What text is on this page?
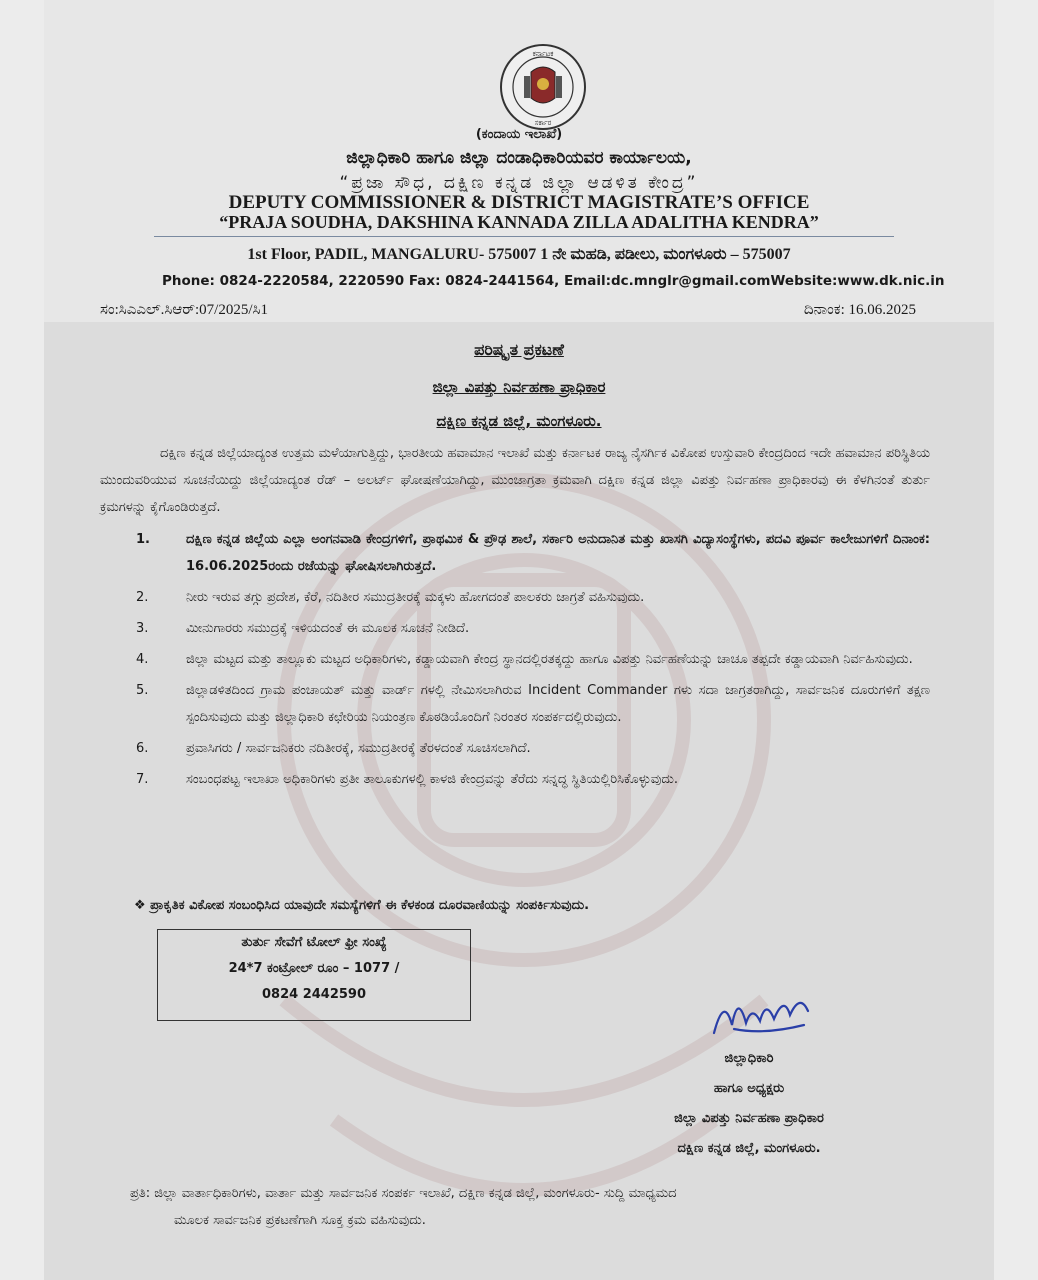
ಕರ್ನಾಟಕ
ಸರ್ಕಾರ
(ಕಂದಾಯ ಇಲಾಖೆ)
ಜಿಲ್ಲಾಧಿಕಾರಿ ಹಾಗೂ ಜಿಲ್ಲಾ ದಂಡಾಧಿಕಾರಿಯವರ ಕಾರ್ಯಾಲಯ,
“ಪ್ರಜಾ ಸೌಧ, ದಕ್ಷಿಣ ಕನ್ನಡ ಜಿಲ್ಲಾ ಆಡಳಿತ ಕೇಂದ್ರ”
DEPUTY COMMISSIONER & DISTRICT MAGISTRATE’S OFFICE
“PRAJA SOUDHA, DAKSHINA KANNADA ZILLA ADALITHA KENDRA”
1st Floor, PADIL, MANGALURU- 575007 1 ನೇ ಮಹಡಿ, ಪಡೀಲು, ಮಂಗಳೂರು – 575007
Phone: 0824-2220584, 2220590 Fax: 0824-2441564, Email:dc.mnglr@gmail.comWebsite:www.dk.nic.in
ಸಂ:ಸಿಎಎಲ್.ಸಿಆರ್:07/2025/ಸಿ1	ದಿನಾಂಕ: 16.06.2025
ಪರಿಷ್ಕೃತ ಪ್ರಕಟಣೆ
ಜಿಲ್ಲಾ ವಿಪತ್ತು ನಿರ್ವಹಣಾ ಪ್ರಾಧಿಕಾರ
ದಕ್ಷಿಣ ಕನ್ನಡ ಜಿಲ್ಲೆ, ಮಂಗಳೂರು.
ದಕ್ಷಿಣ ಕನ್ನಡ ಜಿಲ್ಲೆಯಾದ್ಯಂತ ಉತ್ತಮ ಮಳೆಯಾಗುತ್ತಿದ್ದು, ಭಾರತೀಯ ಹವಾಮಾನ ಇಲಾಖೆ ಮತ್ತು ಕರ್ನಾಟಕ ರಾಜ್ಯ ನೈಸರ್ಗಿಕ ವಿಕೋಪ ಉಸ್ತುವಾರಿ ಕೇಂದ್ರದಿಂದ ಇದೇ ಹವಾಮಾನ ಪರಿಸ್ಥಿತಿಯ ಮುಂದುವರಿಯುವ ಸೂಚನೆಯಿದ್ದು ಜಿಲ್ಲೆಯಾದ್ಯಂತ ರೆಡ್ – ಅಲರ್ಟ್ ಘೋಷಣೆಯಾಗಿದ್ದು, ಮುಂಜಾಗ್ರತಾ ಕ್ರಮವಾಗಿ ದಕ್ಷಿಣ ಕನ್ನಡ ಜಿಲ್ಲಾ ವಿಪತ್ತು ನಿರ್ವಹಣಾ ಪ್ರಾಧಿಕಾರವು ಈ ಕೆಳಗಿನಂತೆ ತುರ್ತು ಕ್ರಮಗಳನ್ನು ಕೈಗೊಂಡಿರುತ್ತದೆ.
1.	ದಕ್ಷಿಣ ಕನ್ನಡ ಜಿಲ್ಲೆಯ ಎಲ್ಲಾ ಅಂಗನವಾಡಿ ಕೇಂದ್ರಗಳಿಗೆ, ಪ್ರಾಥಮಿಕ & ಪ್ರೌಢ ಶಾಲೆ, ಸರ್ಕಾರಿ ಅನುದಾನಿತ ಮತ್ತು ಖಾಸಗಿ ವಿದ್ಯಾಸಂಸ್ಥೆಗಳು, ಪದವಿ ಪೂರ್ವ ಕಾಲೇಜುಗಳಿಗೆ ದಿನಾಂಕ: 16.06.2025ರಂದು ರಜೆಯನ್ನು ಘೋಷಿಸಲಾಗಿರುತ್ತದೆ.
2.	ನೀರು ಇರುವ ತಗ್ಗು ಪ್ರದೇಶ, ಕೆರೆ, ನದಿತೀರ ಸಮುದ್ರತೀರಕ್ಕೆ ಮಕ್ಕಳು ಹೋಗದಂತೆ ಪಾಲಕರು ಜಾಗ್ರತೆ ವಹಿಸುವುದು.
3.	ಮೀನುಗಾರರು ಸಮುದ್ರಕ್ಕೆ ಇಳಿಯದಂತೆ ಈ ಮೂಲಕ ಸೂಚನೆ ನೀಡಿದೆ.
4.	ಜಿಲ್ಲಾ ಮಟ್ಟದ ಮತ್ತು ತಾಲ್ಲೂಕು ಮಟ್ಟದ ಅಧಿಕಾರಿಗಳು, ಕಡ್ಡಾಯವಾಗಿ ಕೇಂದ್ರ ಸ್ಥಾನದಲ್ಲಿರತಕ್ಕದ್ದು ಹಾಗೂ ವಿಪತ್ತು ನಿರ್ವಹಣೆಯನ್ನು ಚಾಚೂ ತಪ್ಪದೇ ಕಡ್ಡಾಯವಾಗಿ ನಿರ್ವಹಿಸುವುದು.
5.	ಜಿಲ್ಲಾಡಳಿತದಿಂದ ಗ್ರಾಮ ಪಂಚಾಯತ್ ಮತ್ತು ವಾರ್ಡ್ ಗಳಲ್ಲಿ ನೇಮಿಸಲಾಗಿರುವ Incident Commander ಗಳು ಸದಾ ಜಾಗ್ರತರಾಗಿದ್ದು, ಸಾರ್ವಜನಿಕ ದೂರುಗಳಿಗೆ ತಕ್ಷಣ ಸ್ಪಂದಿಸುವುದು ಮತ್ತು ಜಿಲ್ಲಾಧಿಕಾರಿ ಕಛೇರಿಯ ನಿಯಂತ್ರಣ ಕೊಠಡಿಯೊಂದಿಗೆ ನಿರಂತರ ಸಂಪರ್ಕದಲ್ಲಿರುವುದು.
6.	ಪ್ರವಾಸಿಗರು / ಸಾರ್ವಜನಿಕರು ನದಿತೀರಕ್ಕೆ, ಸಮುದ್ರತೀರಕ್ಕೆ ತೆರಳದಂತೆ ಸೂಚಿಸಲಾಗಿದೆ.
7.	ಸಂಬಂಧಪಟ್ಟ ಇಲಾಖಾ ಅಧಿಕಾರಿಗಳು ಪ್ರತೀ ತಾಲೂಕುಗಳಲ್ಲಿ ಕಾಳಜಿ ಕೇಂದ್ರವನ್ನು ತೆರೆದು ಸನ್ನದ್ಧ ಸ್ಥಿತಿಯಲ್ಲಿರಿಸಿಕೊಳ್ಳುವುದು.
❖ ಪ್ರಾಕೃತಿಕ ವಿಕೋಪ ಸಂಬಂಧಿಸಿದ ಯಾವುದೇ ಸಮಸ್ಯೆಗಳಿಗೆ ಈ ಕೆಳಕಂಡ ದೂರವಾಣಿಯನ್ನು ಸಂಪರ್ಕಿಸುವುದು.
ತುರ್ತು ಸೇವೆಗೆ ಟೋಲ್ ಫ್ರೀ ಸಂಖ್ಯೆ
24*7 ಕಂಟ್ರೋಲ್ ರೂಂ – 1077 /
0824 2442590
ಜಿಲ್ಲಾಧಿಕಾರಿ
ಹಾಗೂ ಅಧ್ಯಕ್ಷರು
ಜಿಲ್ಲಾ ವಿಪತ್ತು ನಿರ್ವಹಣಾ ಪ್ರಾಧಿಕಾರ
ದಕ್ಷಿಣ ಕನ್ನಡ ಜಿಲ್ಲೆ, ಮಂಗಳೂರು.
ಪ್ರತಿ: ಜಿಲ್ಲಾ ವಾರ್ತಾಧಿಕಾರಿಗಳು, ವಾರ್ತಾ ಮತ್ತು ಸಾರ್ವಜನಿಕ ಸಂಪರ್ಕ ಇಲಾಖೆ, ದಕ್ಷಿಣ ಕನ್ನಡ ಜಿಲ್ಲೆ, ಮಂಗಳೂರು- ಸುದ್ದಿ ಮಾಧ್ಯಮದ
ಮೂಲಕ ಸಾರ್ವಜನಿಕ ಪ್ರಕಟಣೆಗಾಗಿ ಸೂಕ್ತ ಕ್ರಮ ವಹಿಸುವುದು.
